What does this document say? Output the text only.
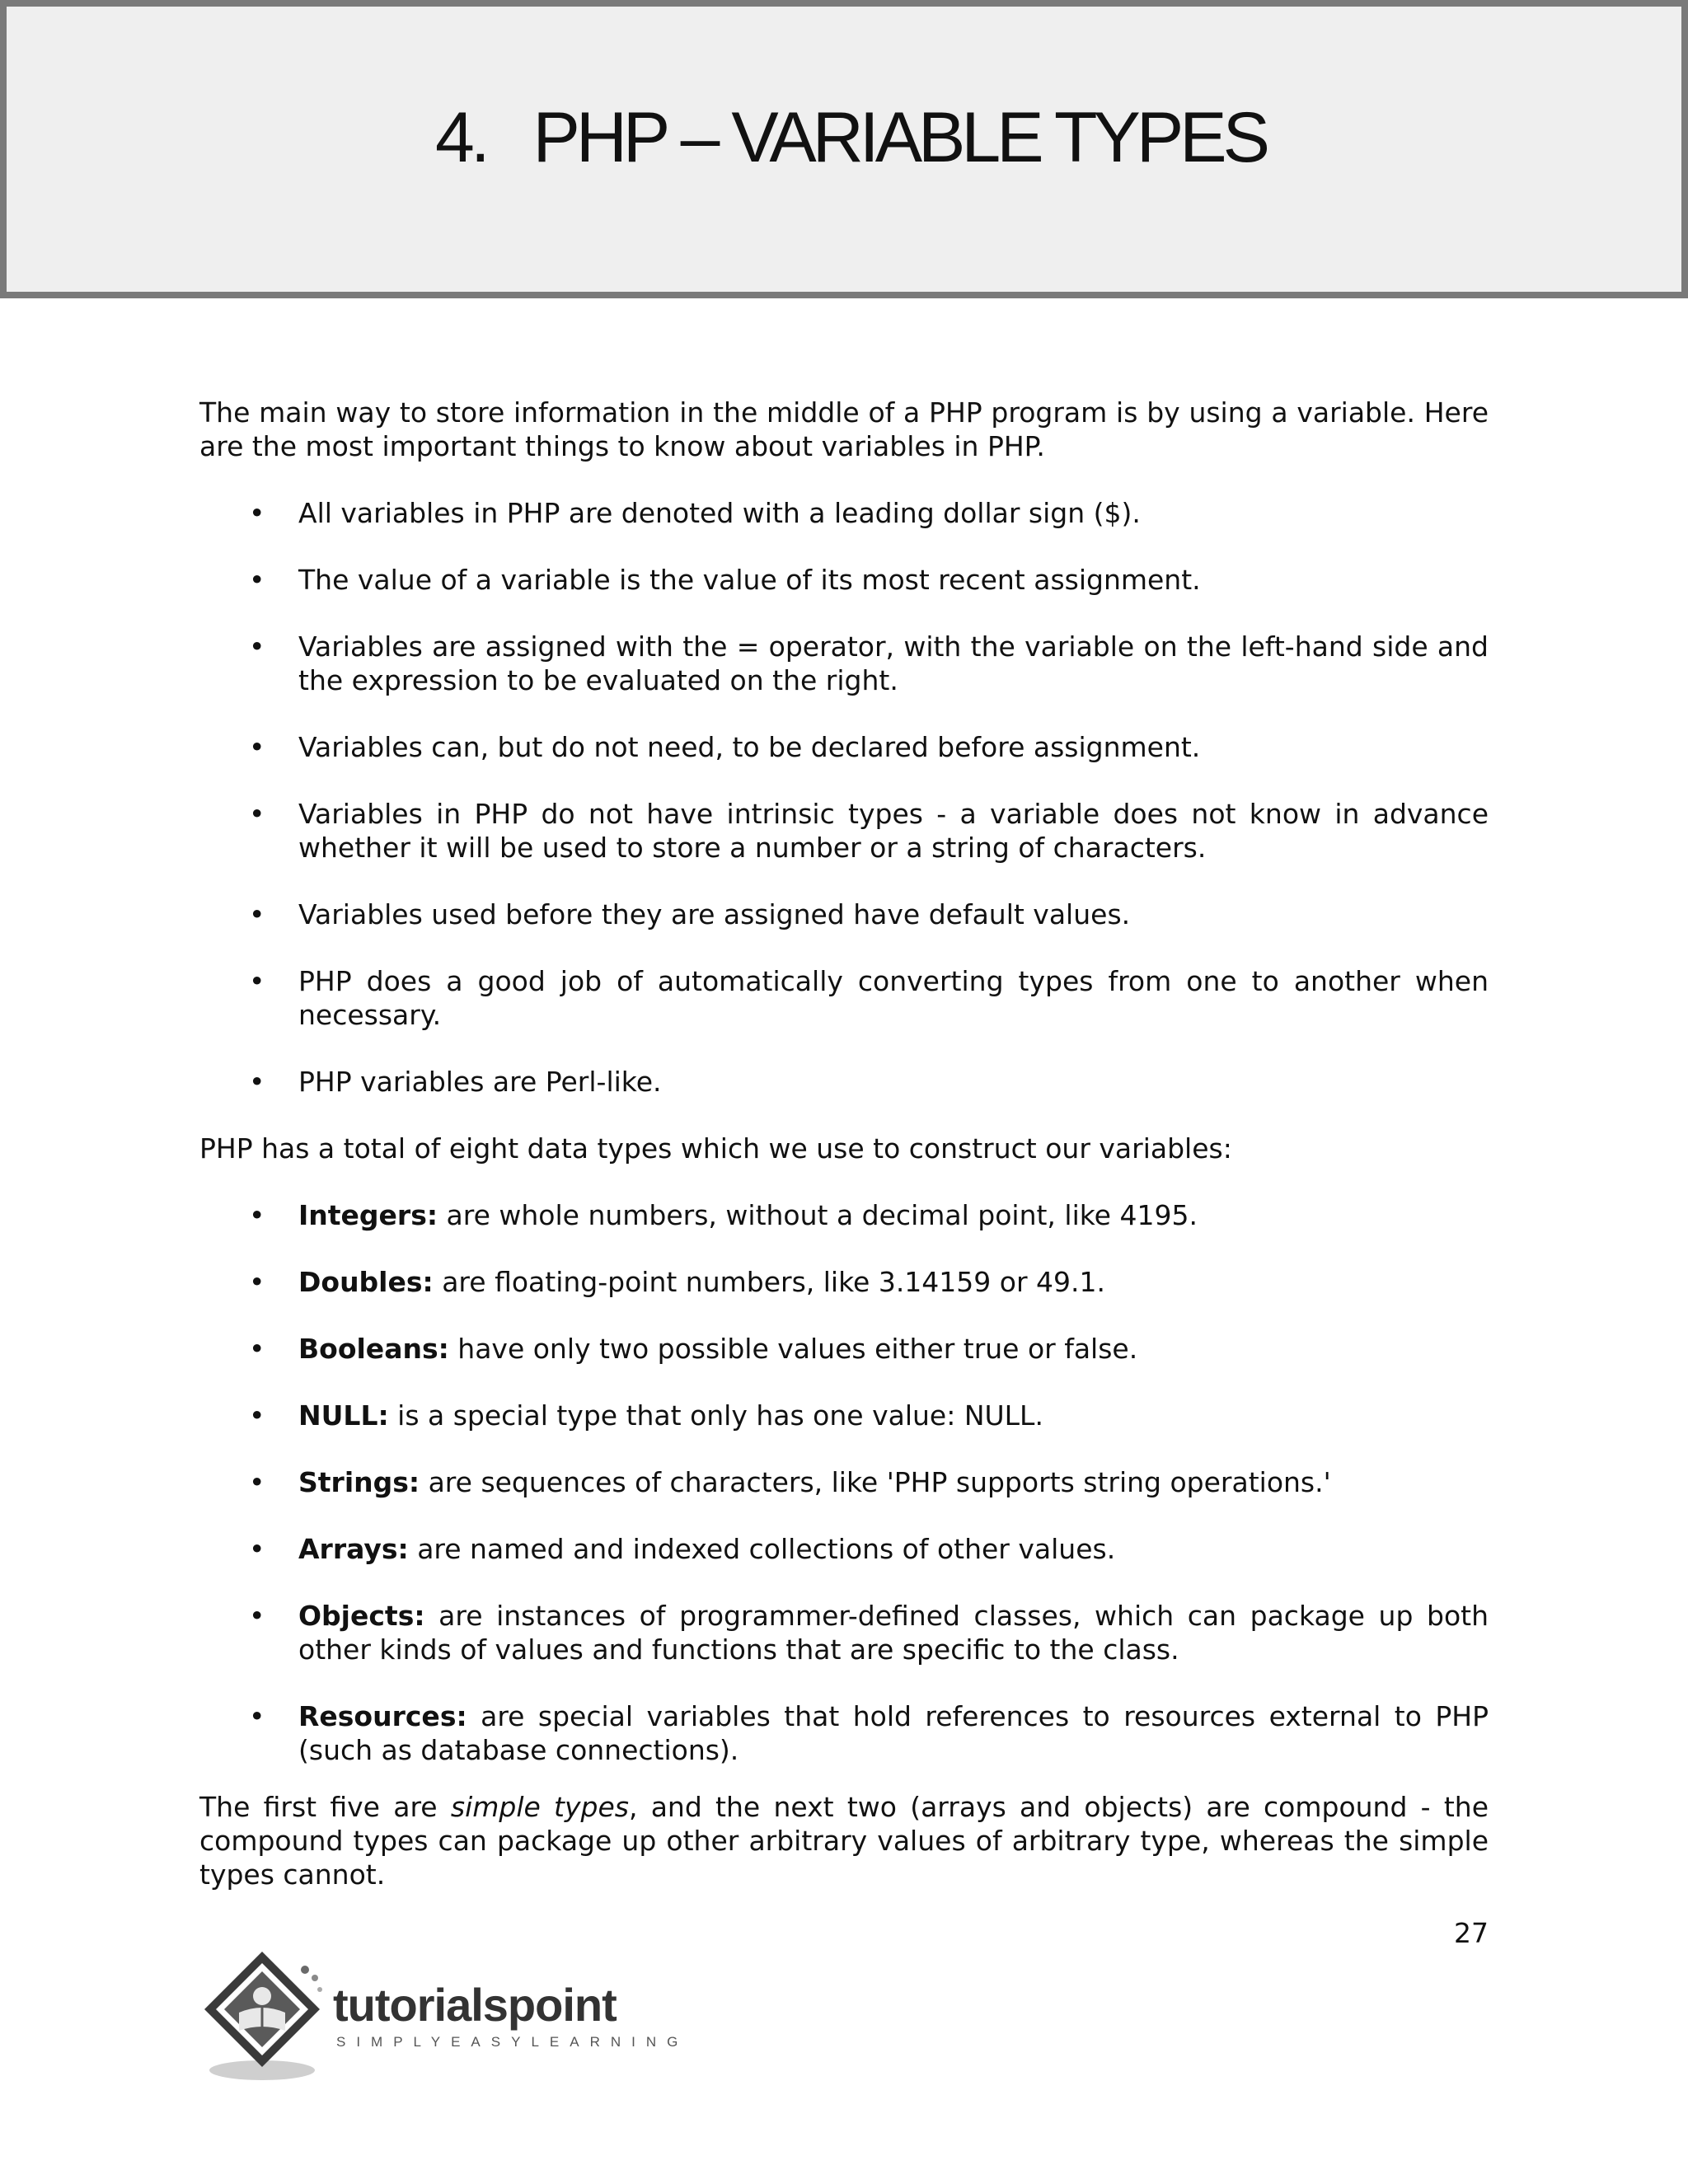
4. PHP – VARIABLE TYPES

The main way to store information in the middle of a PHP program is by using a variable. Here are the most important things to know about variables in PHP.

• All variables in PHP are denoted with a leading dollar sign ($).
• The value of a variable is the value of its most recent assignment.
• Variables are assigned with the = operator, with the variable on the left-hand side and the expression to be evaluated on the right.
• Variables can, but do not need, to be declared before assignment.
• Variables in PHP do not have intrinsic types - a variable does not know in advance whether it will be used to store a number or a string of characters.
• Variables used before they are assigned have default values.
• PHP does a good job of automatically converting types from one to another when necessary.
• PHP variables are Perl-like.

PHP has a total of eight data types which we use to construct our variables:

• Integers: are whole numbers, without a decimal point, like 4195.
• Doubles: are floating-point numbers, like 3.14159 or 49.1.
• Booleans: have only two possible values either true or false.
• NULL: is a special type that only has one value: NULL.
• Strings: are sequences of characters, like 'PHP supports string operations.'
• Arrays: are named and indexed collections of other values.
• Objects: are instances of programmer-defined classes, which can package up both other kinds of values and functions that are specific to the class.
• Resources: are special variables that hold references to resources external to PHP (such as database connections).

The first five are simple types, and the next two (arrays and objects) are compound - the compound types can package up other arbitrary values of arbitrary type, whereas the simple types cannot.

27
tutorialspoint
SIMPLYEASYLEARNING
